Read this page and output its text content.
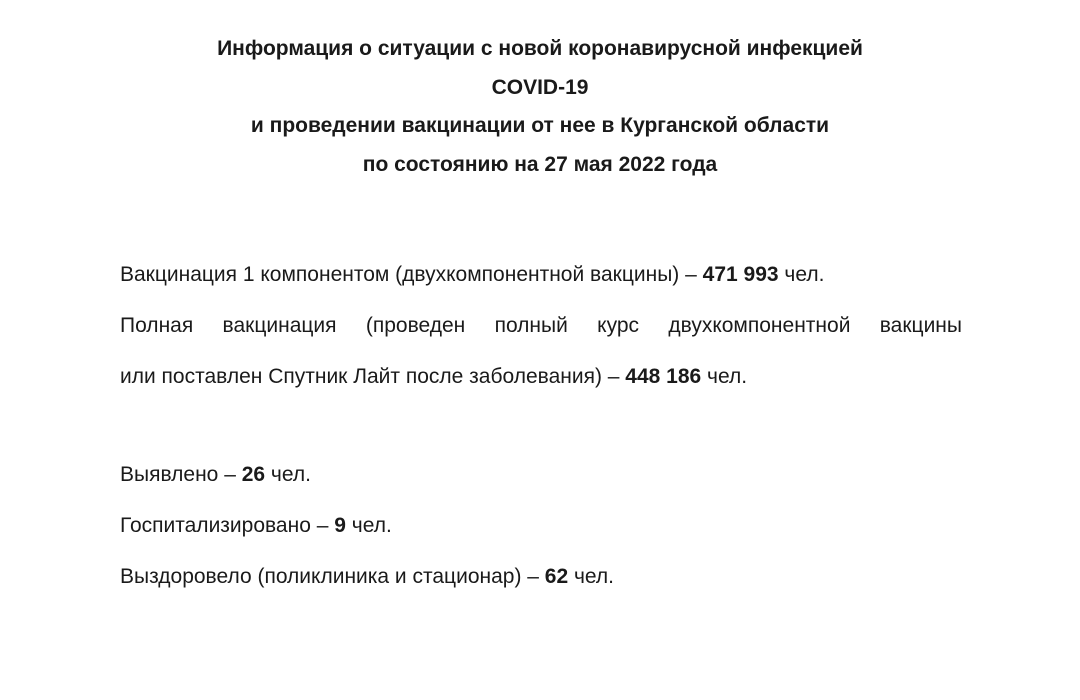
Информация о ситуации с новой коронавирусной инфекцией
COVID-19
и проведении вакцинации от нее в Курганской области
по состоянию на 27 мая 2022 года

Вакцинация 1 компонентом (двухкомпонентной вакцины) – 471 993 чел.

Полная вакцинация (проведен полный курс двухкомпонентной вакцины

или поставлен Спутник Лайт после заболевания) – 448 186 чел.

Выявлено – 26 чел.

Госпитализировано – 9 чел.

Выздоровело (поликлиника и стационар) – 62 чел.
